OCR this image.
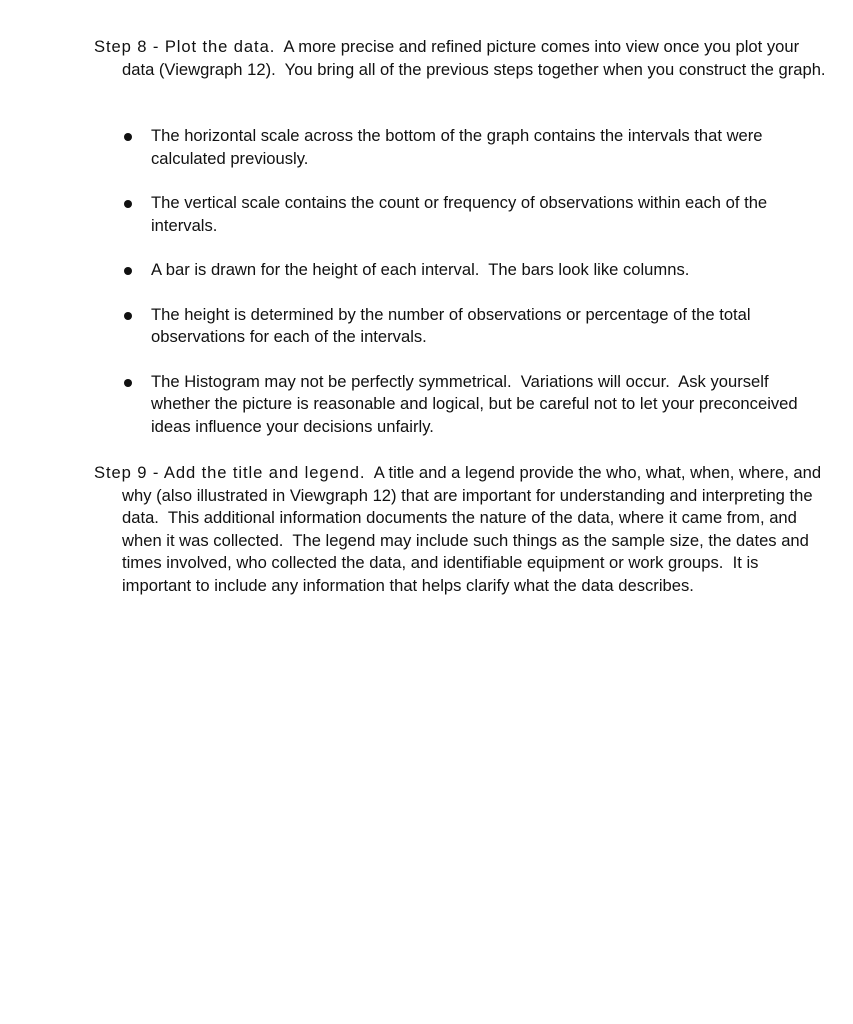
Step 8 - Plot the data.  A more precise and refined picture comes into view once you plot your data (Viewgraph 12).  You bring all of the previous steps together when you construct the graph.

The horizontal scale across the bottom of the graph contains the intervals that were calculated previously.
The vertical scale contains the count or frequency of observations within each of the intervals.
A bar is drawn for the height of each interval.  The bars look like columns.
The height is determined by the number of observations or percentage of the total observations for each of the intervals.
The Histogram may not be perfectly symmetrical.  Variations will occur.  Ask yourself whether the picture is reasonable and logical, but be careful not to let your preconceived ideas influence your decisions unfairly.

Step 9 - Add the title and legend.  A title and a legend provide the who, what, when, where, and why (also illustrated in Viewgraph 12) that are important for understanding and interpreting the data.  This additional information documents the nature of the data, where it came from, and when it was collected.  The legend may include such things as the sample size, the dates and times involved, who collected the data, and identifiable equipment or work groups.  It is important to include any information that helps clarify what the data describes.
